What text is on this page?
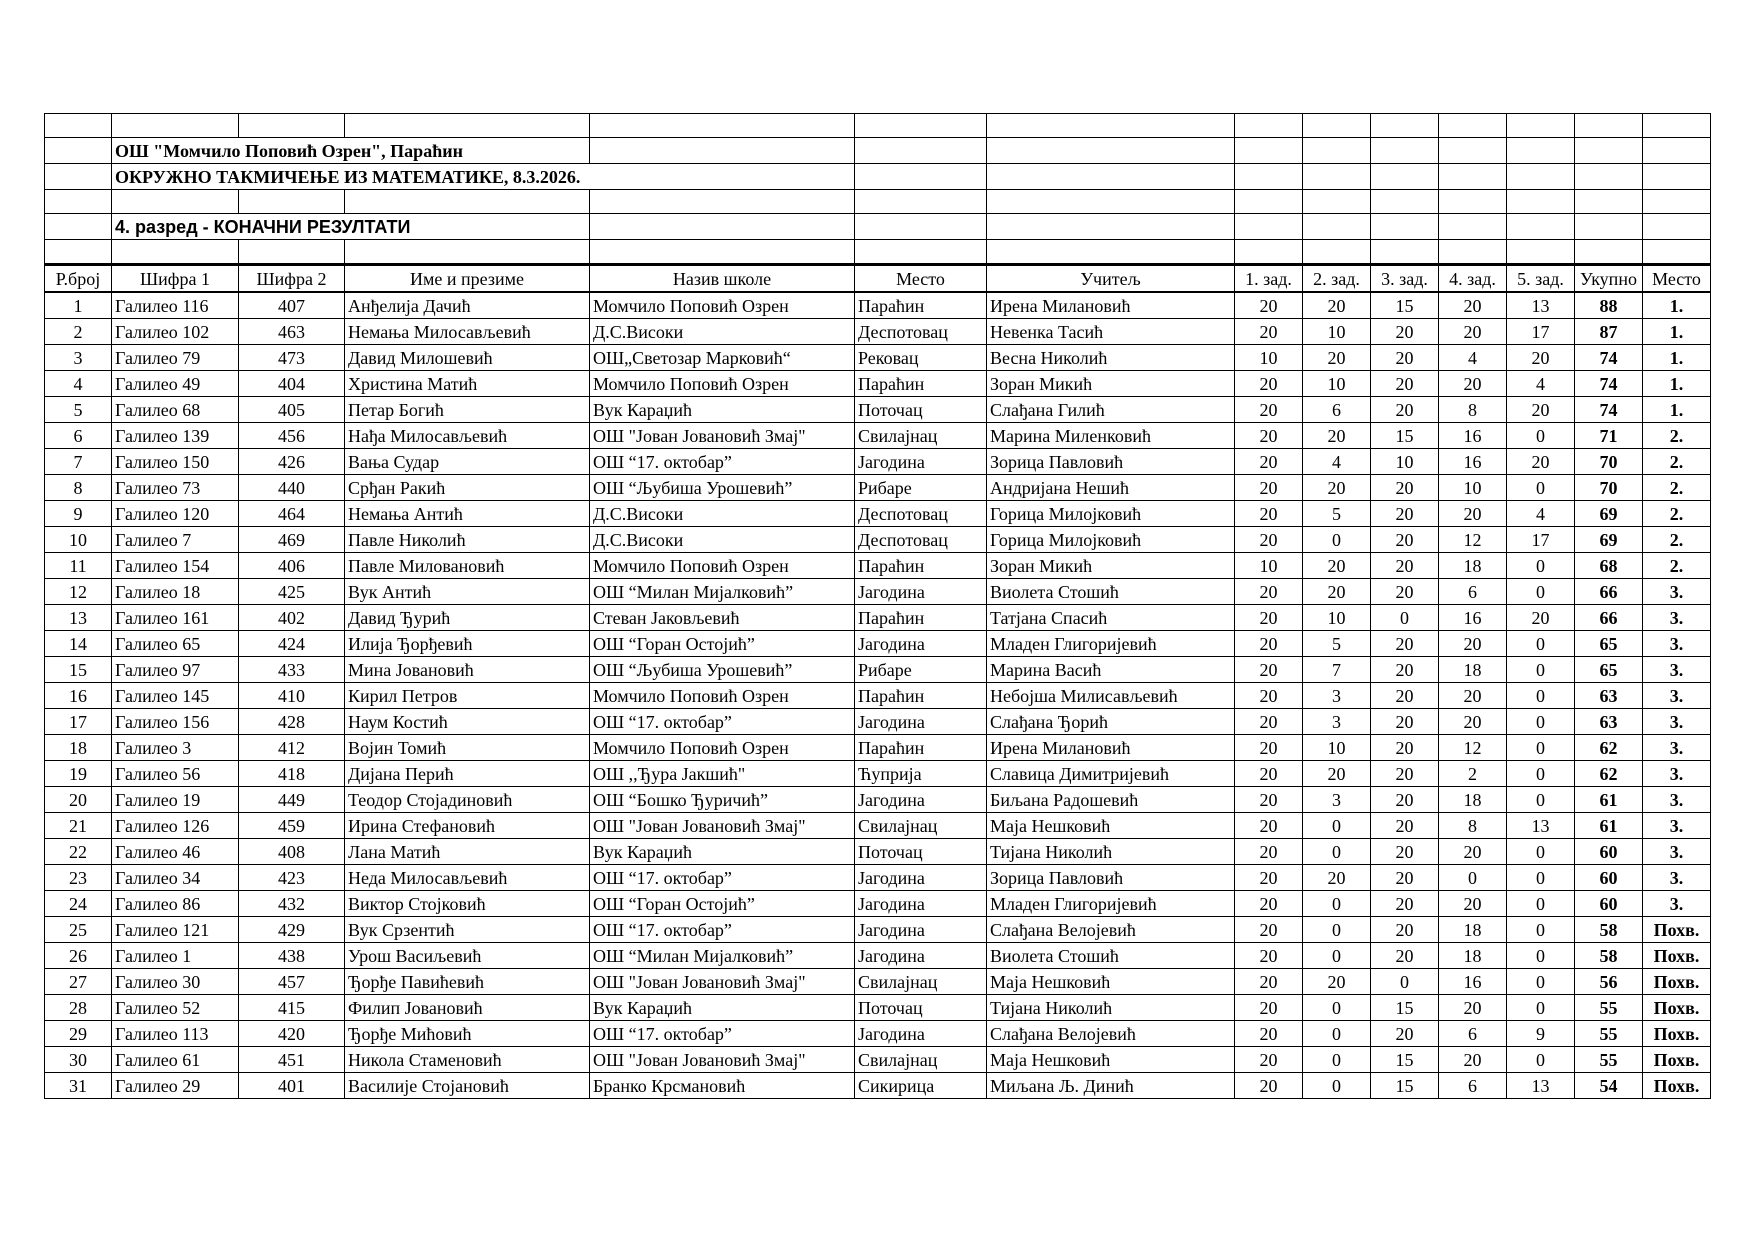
	ОШ "Момчило Поповић Озрен", Параћин												
	ОКРУЖНО ТАКМИЧЕЊЕ ИЗ МАТЕМАТИКЕ, 8.3.2026.												

	4. разред - КОНАЧНИ РЕЗУЛТАТИ												

Р.број	Шифра 1	Шифра 2	Име и презиме	Назив школе	Место	Учитељ	1. зад.	2. зад.	3. зад.	4. зад.	5. зад.	Укупно	Место
1	Галилео 116	407	Анђелија Дачић	Момчило Поповић Озрен	Параћин	Ирена Милановић	20	20	15	20	13	88	1.
2	Галилео 102	463	Немања Милосављевић	Д.С.Високи	Деспотовац	Невенка Тасић	20	10	20	20	17	87	1.
3	Галилео 79	473	Давид Милошевић	ОШ„Светозар Марковић“	Рековац	Весна Николић	10	20	20	4	20	74	1.
4	Галилео 49	404	Христина Матић	Момчило Поповић Озрен	Параћин	Зоран Микић	20	10	20	20	4	74	1.
5	Галилео 68	405	Петар Богић	Вук Караџић	Поточац	Слађана Гилић	20	6	20	8	20	74	1.
6	Галилео 139	456	Нађа Милосављевић	ОШ "Јован Јовановић Змај"	Свилајнац	Марина Миленковић	20	20	15	16	0	71	2.
7	Галилео 150	426	Вања Судар	ОШ “17. октобар”	Јагодина	Зорица Павловић	20	4	10	16	20	70	2.
8	Галилео 73	440	Срђан Ракић	ОШ “Љубиша Урошевић”	Рибаре	Андријана Нешић	20	20	20	10	0	70	2.
9	Галилео 120	464	Немања Антић	Д.С.Високи	Деспотовац	Горица Милојковић	20	5	20	20	4	69	2.
10	Галилео 7	469	Павле Николић	Д.С.Високи	Деспотовац	Горица Милојковић	20	0	20	12	17	69	2.
11	Галилео 154	406	Павле Миловановић	Момчило Поповић Озрен	Параћин	Зоран Микић	10	20	20	18	0	68	2.
12	Галилео 18	425	Вук Антић	ОШ “Милан Мијалковић”	Јагодина	Виолета Стошић	20	20	20	6	0	66	3.
13	Галилео 161	402	Давид Ђурић	Стеван Јаковљевић	Параћин	Татјана Спасић	20	10	0	16	20	66	3.
14	Галилео 65	424	Илија Ђорђевић	ОШ “Горан Остојић”	Јагодина	Младен Глигоријевић	20	5	20	20	0	65	3.
15	Галилео 97	433	Мина Јовановић	ОШ “Љубиша Урошевић”	Рибаре	Марина Васић	20	7	20	18	0	65	3.
16	Галилео 145	410	Кирил Петров	Момчило Поповић Озрен	Параћин	Небојша Милисављевић	20	3	20	20	0	63	3.
17	Галилео 156	428	Наум Костић	ОШ “17. октобар”	Јагодина	Слађана Ђорић	20	3	20	20	0	63	3.
18	Галилео 3	412	Војин Томић	Момчило Поповић Озрен	Параћин	Ирена Милановић	20	10	20	12	0	62	3.
19	Галилео 56	418	Дијана Перић	ОШ ,,Ђура Јакшић"	Ћуприја	Славица Димитријевић	20	20	20	2	0	62	3.
20	Галилео 19	449	Теодор Стојадиновић	ОШ “Бошко Ђуричић”	Јагодина	Биљана Радошевић	20	3	20	18	0	61	3.
21	Галилео 126	459	Ирина Стефановић	ОШ "Јован Јовановић Змај"	Свилајнац	Маја Нешковић	20	0	20	8	13	61	3.
22	Галилео 46	408	Лана Матић	Вук Караџић	Поточац	Тијана Николић	20	0	20	20	0	60	3.
23	Галилео 34	423	Неда Милосављевић	ОШ “17. октобар”	Јагодина	Зорица Павловић	20	20	20	0	0	60	3.
24	Галилео 86	432	Виктор Стојковић	ОШ “Горан Остојић”	Јагодина	Младен Глигоријевић	20	0	20	20	0	60	3.
25	Галилео 121	429	Вук Срзентић	ОШ “17. октобар”	Јагодина	Слађана Велојевић	20	0	20	18	0	58	Похв.
26	Галилео 1	438	Урош Васиљевић	ОШ “Милан Мијалковић”	Јагодина	Виолета Стошић	20	0	20	18	0	58	Похв.
27	Галилео 30	457	Ђорђе Павићевић	ОШ "Јован Јовановић Змај"	Свилајнац	Маја Нешковић	20	20	0	16	0	56	Похв.
28	Галилео 52	415	Филип Јовановић	Вук Караџић	Поточац	Тијана Николић	20	0	15	20	0	55	Похв.
29	Галилео 113	420	Ђорђе Мићовић	ОШ “17. октобар”	Јагодина	Слађана Велојевић	20	0	20	6	9	55	Похв.
30	Галилео 61	451	Никола Стаменовић	ОШ "Јован Јовановић Змај"	Свилајнац	Маја Нешковић	20	0	15	20	0	55	Похв.
31	Галилео 29	401	Василије Стојановић	Бранко Крсмановић	Сикирица	Миљана Љ. Динић	20	0	15	6	13	54	Похв.
